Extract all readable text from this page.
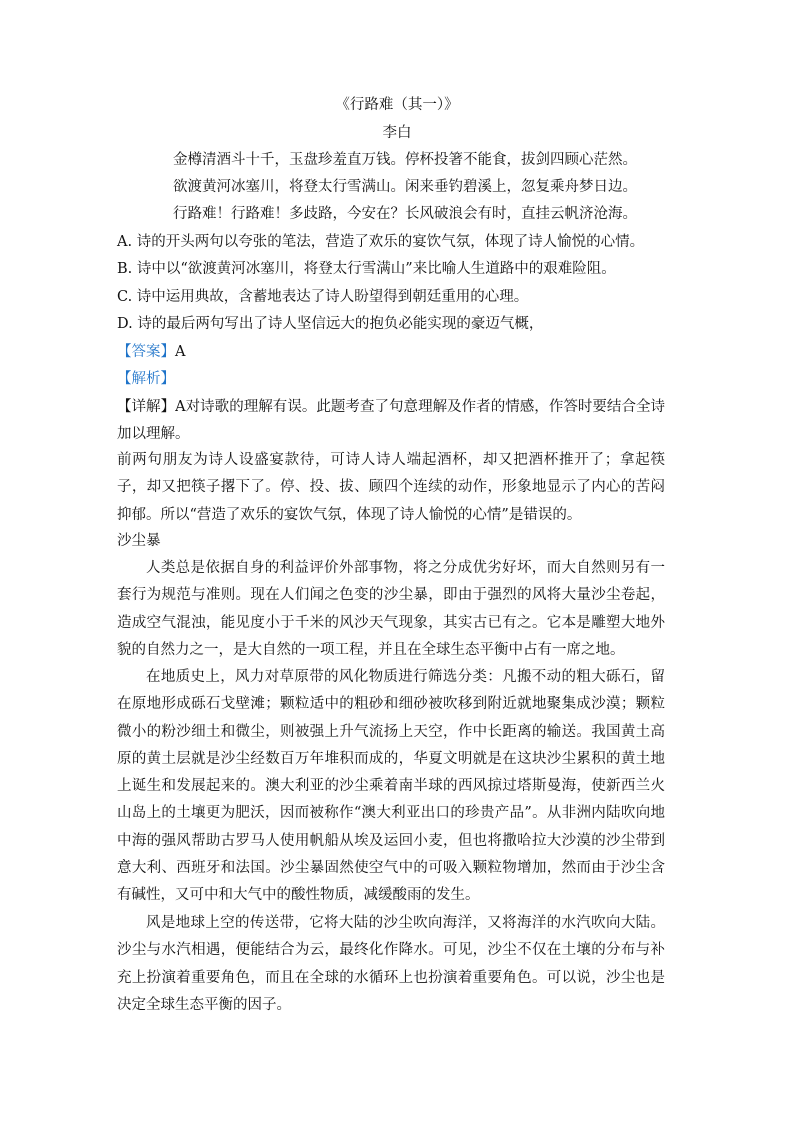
《行路难（其一）》
李白
金樽清酒斗十千，玉盘珍羞直万钱。停杯投箸不能食，拔剑四顾心茫然。
欲渡黄河冰塞川，将登太行雪满山。闲来垂钓碧溪上，忽复乘舟梦日边。
行路难！行路难！多歧路，今安在？长风破浪会有时，直挂云帆济沧海。
A. 诗的开头两句以夸张的笔法，营造了欢乐的宴饮气氛，体现了诗人愉悦的心情。
B. 诗中以“欲渡黄河冰塞川，将登太行雪满山”来比喻人生道路中的艰难险阻。
C. 诗中运用典故，含蓄地表达了诗人盼望得到朝廷重用的心理。
D. 诗的最后两句写出了诗人坚信远大的抱负必能实现的豪迈气概，
【答案】A
【解析】
【详解】A对诗歌的理解有误。此题考查了句意理解及作者的情感，作答时要结合全诗加以理解。
前两句朋友为诗人设盛宴款待，可诗人诗人端起酒杯，却又把酒杯推开了；拿起筷子，却又把筷子撂下了。停、投、拔、顾四个连续的动作，形象地显示了内心的苦闷抑郁。所以“营造了欢乐的宴饮气氛，体现了诗人愉悦的心情”是错误的。
沙尘暴
人类总是依据自身的利益评价外部事物，将之分成优劣好坏，而大自然则另有一套行为规范与准则。现在人们闻之色变的沙尘暴，即由于强烈的风将大量沙尘卷起，造成空气混浊，能见度小于千米的风沙天气现象，其实古已有之。它本是雕塑大地外貌的自然力之一，是大自然的一项工程，并且在全球生态平衡中占有一席之地。
在地质史上，风力对草原带的风化物质进行筛选分类：凡搬不动的粗大砾石，留在原地形成砾石戈壁滩；颗粒适中的粗砂和细砂被吹移到附近就地聚集成沙漠；颗粒微小的粉沙细土和微尘，则被强上升气流扬上天空，作中长距离的输送。我国黄土高原的黄土层就是沙尘经数百万年堆积而成的，华夏文明就是在这块沙尘累积的黄土地上诞生和发展起来的。澳大利亚的沙尘乘着南半球的西风掠过塔斯曼海，使新西兰火山岛上的土壤更为肥沃，因而被称作“澳大利亚出口的珍贵产品”。从非洲内陆吹向地中海的强风帮助古罗马人使用帆船从埃及运回小麦，但也将撒哈拉大沙漠的沙尘带到意大利、西班牙和法国。沙尘暴固然使空气中的可吸入颗粒物增加，然而由于沙尘含有碱性，又可中和大气中的酸性物质，减缓酸雨的发生。
风是地球上空的传送带，它将大陆的沙尘吹向海洋，又将海洋的水汽吹向大陆。沙尘与水汽相遇，便能结合为云，最终化作降水。可见，沙尘不仅在土壤的分布与补充上扮演着重要角色，而且在全球的水循环上也扮演着重要角色。可以说，沙尘也是决定全球生态平衡的因子。
